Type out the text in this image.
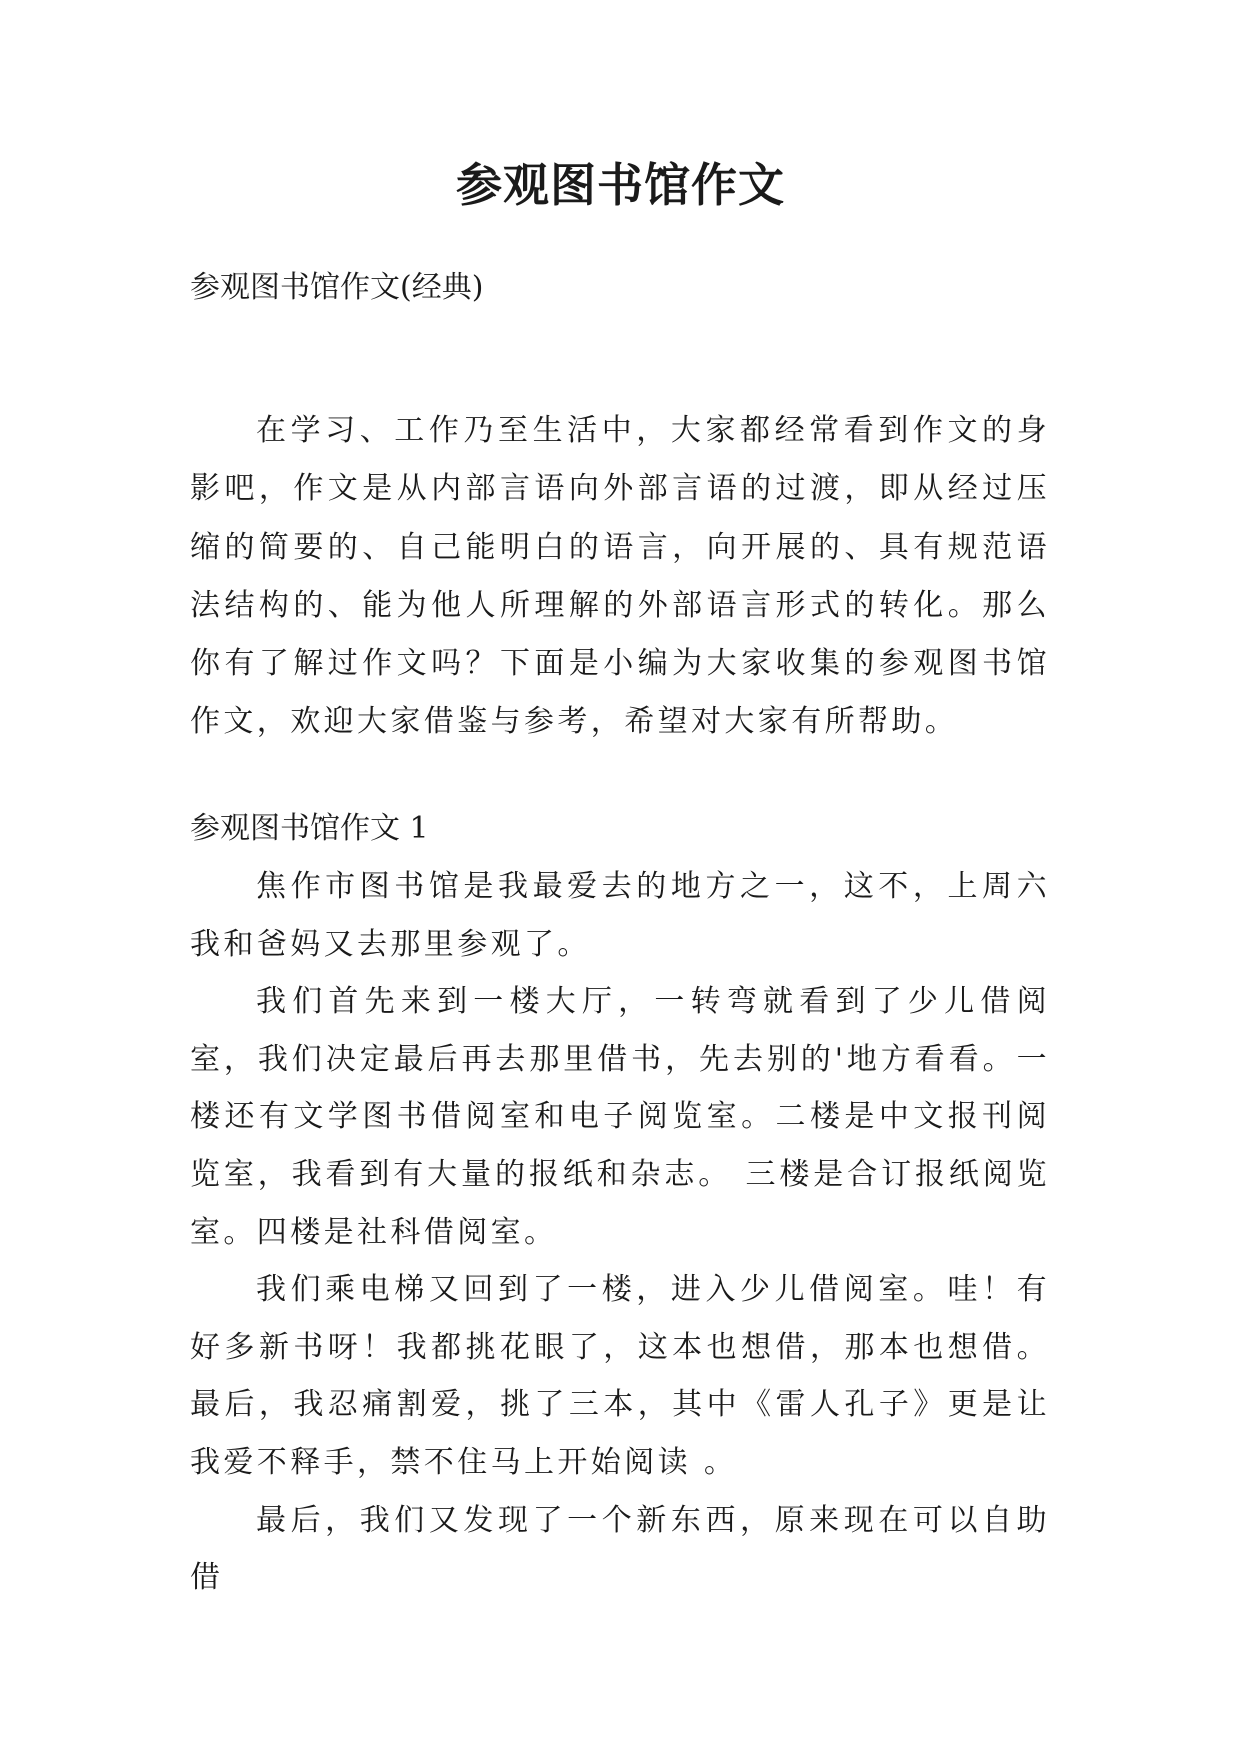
参观图书馆作文

参观图书馆作文(经典)

在学习、工作乃至生活中，大家都经常看到作文的身影吧，作文是从内部言语向外部言语的过渡，即从经过压缩的简要的、自己能明白的语言，向开展的、具有规范语法结构的、能为他人所理解的外部语言形式的转化。那么你有了解过作文吗？下面是小编为大家收集的参观图书馆作文，欢迎大家借鉴与参考，希望对大家有所帮助。

参观图书馆作文 1

焦作市图书馆是我最爱去的地方之一，这不，上周六我和爸妈又去那里参观了。

我们首先来到一楼大厅，一转弯就看到了少儿借阅室，我们决定最后再去那里借书，先去别的'地方看看。一楼还有文学图书借阅室和电子阅览室。二楼是中文报刊阅览室，我看到有大量的报纸和杂志。 三楼是合订报纸阅览室。四楼是社科借阅室。

我们乘电梯又回到了一楼，进入少儿借阅室。哇！有好多新书呀！我都挑花眼了，这本也想借，那本也想借。最后，我忍痛割爱，挑了三本，其中《雷人孔子》更是让我爱不释手，禁不住马上开始阅读 。

最后，我们又发现了一个新东西，原来现在可以自助借
